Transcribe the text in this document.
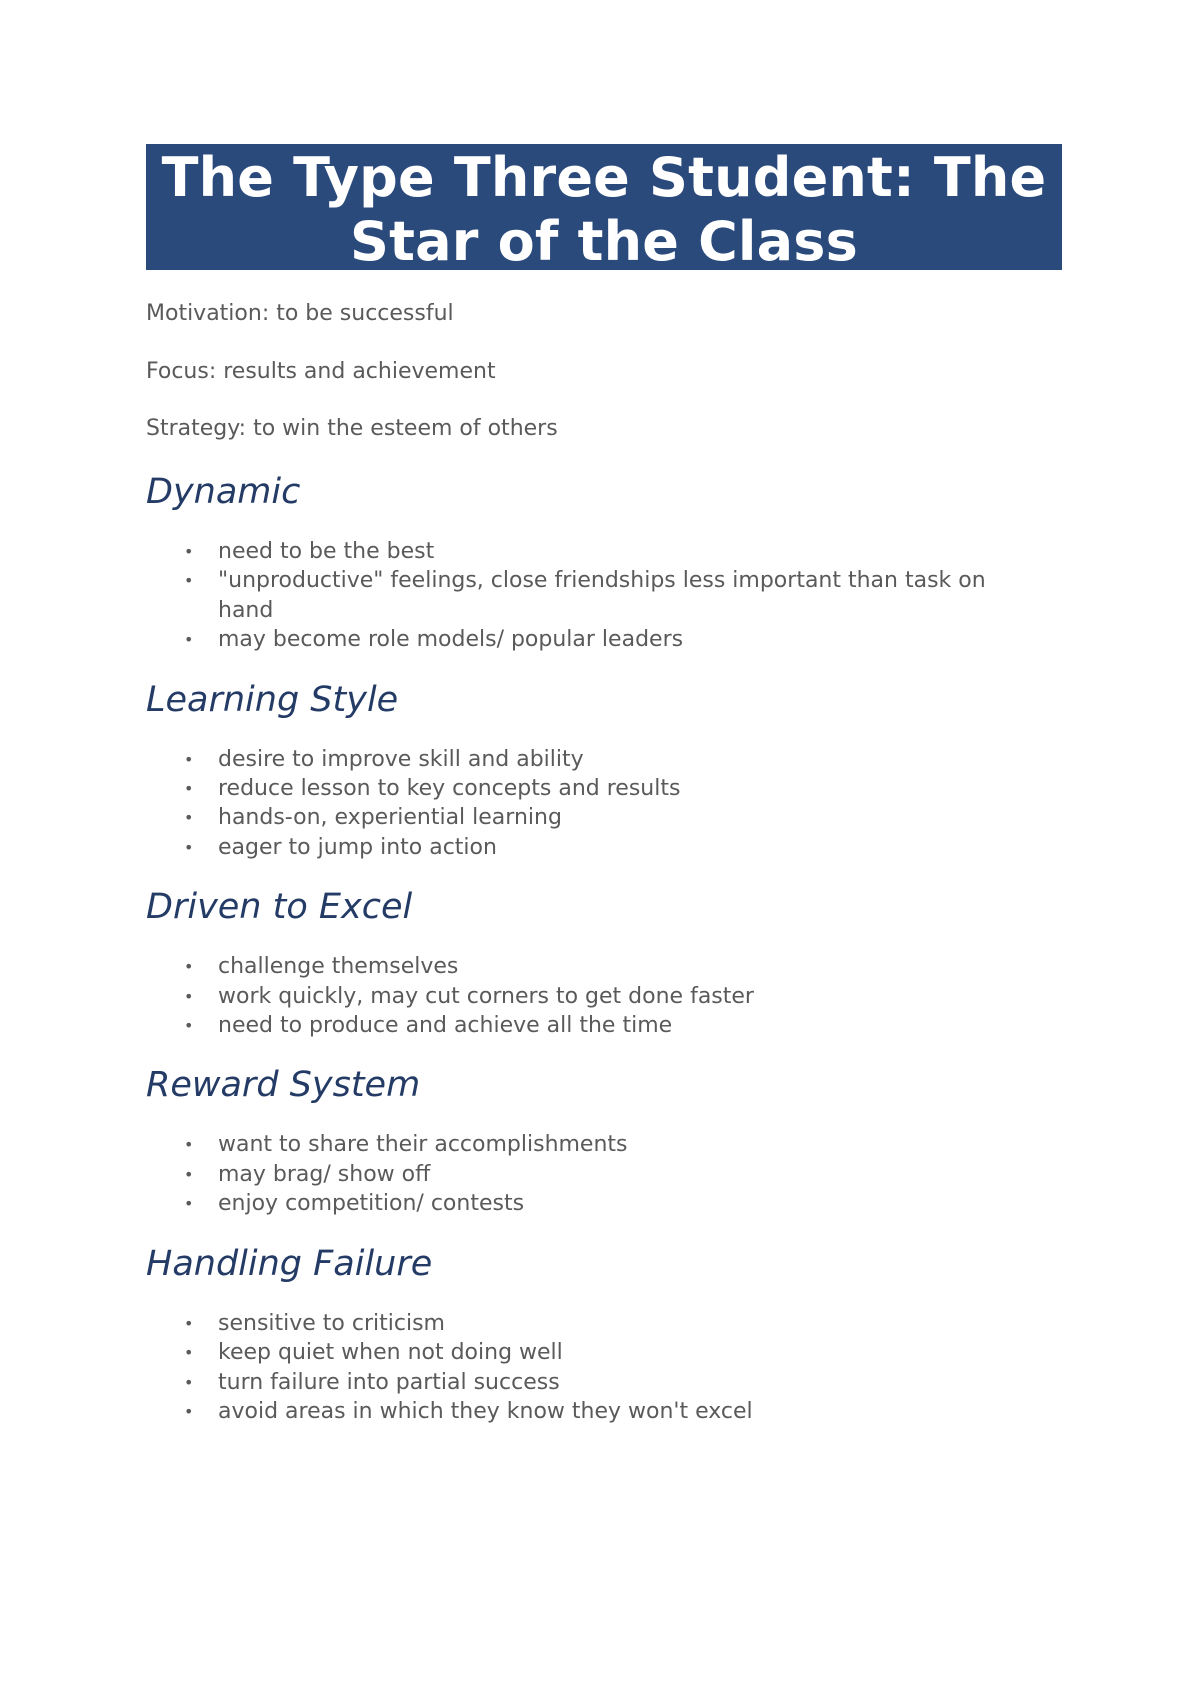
The Type Three Student: The Star of the Class

Motivation: to be successful

Focus: results and achievement

Strategy: to win the esteem of others

Dynamic
• need to be the best
• "unproductive" feelings, close friendships less important than task on hand
• may become role models/ popular leaders
Learning Style
• desire to improve skill and ability
• reduce lesson to key concepts and results
• hands-on, experiential learning
• eager to jump into action
Driven to Excel
• challenge themselves
• work quickly, may cut corners to get done faster
• need to produce and achieve all the time
Reward System
• want to share their accomplishments
• may brag/ show off
• enjoy competition/ contests
Handling Failure
• sensitive to criticism
• keep quiet when not doing well
• turn failure into partial success
• avoid areas in which they know they won't excel
